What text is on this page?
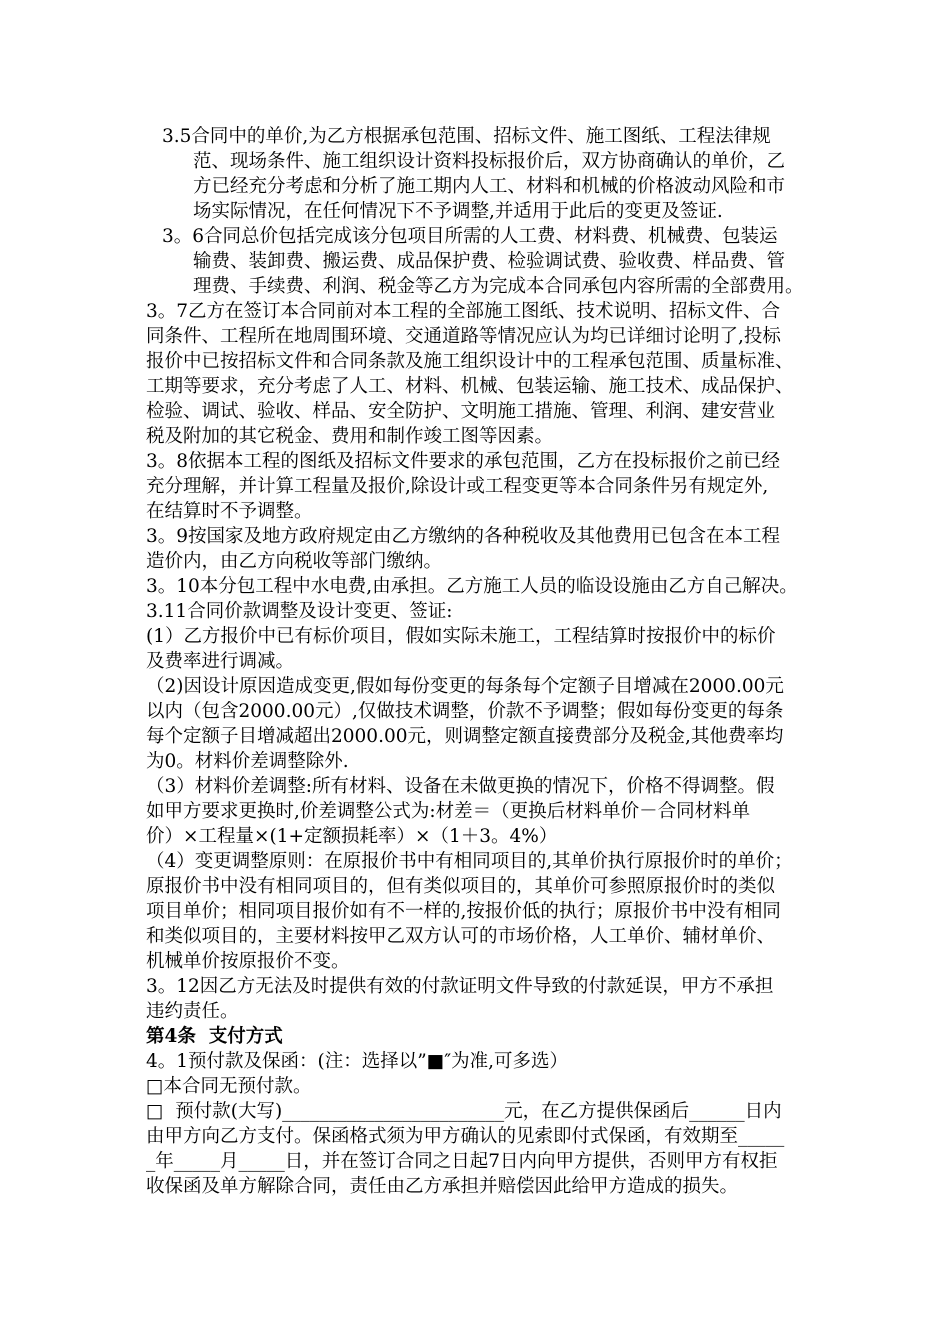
3.5合同中的单价,为乙方根据承包范围、招标文件、施工图纸、工程法律规
范、现场条件、施工组织设计资料投标报价后，双方协商确认的单价，乙
方已经充分考虑和分析了施工期内人工、材料和机械的价格波动风险和市
场实际情况，在任何情况下不予调整,并适用于此后的变更及签证.
3。6合同总价包括完成该分包项目所需的人工费、材料费、机械费、包装运
输费、装卸费、搬运费、成品保护费、检验调试费、验收费、样品费、管
理费、手续费、利润、税金等乙方为完成本合同承包内容所需的全部费用。
3。7乙方在签订本合同前对本工程的全部施工图纸、技术说明、招标文件、合
同条件、工程所在地周围环境、交通道路等情况应认为均已详细讨论明了,投标
报价中已按招标文件和合同条款及施工组织设计中的工程承包范围、质量标准、
工期等要求，充分考虑了人工、材料、机械、包装运输、施工技术、成品保护、
检验、调试、验收、样品、安全防护、文明施工措施、管理、利润、建安营业
税及附加的其它税金、费用和制作竣工图等因素。
3。8依据本工程的图纸及招标文件要求的承包范围，乙方在投标报价之前已经
充分理解，并计算工程量及报价,除设计或工程变更等本合同条件另有规定外,
在结算时不予调整。
3。9按国家及地方政府规定由乙方缴纳的各种税收及其他费用已包含在本工程
造价内，由乙方向税收等部门缴纳。
3。10本分包工程中水电费,由承担。乙方施工人员的临设设施由乙方自己解决。
3.11合同价款调整及设计变更、签证:
(1）乙方报价中已有标价项目，假如实际未施工，工程结算时按报价中的标价
及费率进行调减。
（2)因设计原因造成变更,假如每份变更的每条每个定额子目增减在2000.00元
以内（包含2000.00元）,仅做技术调整，价款不予调整；假如每份变更的每条
每个定额子目增减超出2000.00元，则调整定额直接费部分及税金,其他费率均
为0。材料价差调整除外.
（3）材料价差调整:所有材料、设备在未做更换的情况下，价格不得调整。假
如甲方要求更换时,价差调整公式为:材差＝（更换后材料单价－合同材料单
价）×工程量×(1+定额损耗率）×（1＋3。4%）
（4）变更调整原则：在原报价书中有相同项目的,其单价执行原报价时的单价；
原报价书中没有相同项目的，但有类似项目的，其单价可参照原报价时的类似
项目单价；相同项目报价如有不一样的,按报价低的执行；原报价书中没有相同
和类似项目的，主要材料按甲乙双方认可的市场价格，人工单价、辅材单价、
机械单价按原报价不变。
3。12因乙方无法及时提供有效的付款证明文件导致的付款延误，甲方不承担
违约责任。
第4条  支付方式
4。1预付款及保函：(注：选择以”■″为准,可多选）
□本合同无预付款。
□  预付款(大写)________________________元，在乙方提供保函后______日内
由甲方向乙方支付。保函格式须为甲方确认的见索即付式保函，有效期至_____
_年_____月_____日，并在签订合同之日起7日内向甲方提供，否则甲方有权拒
收保函及单方解除合同，责任由乙方承担并赔偿因此给甲方造成的损失。
